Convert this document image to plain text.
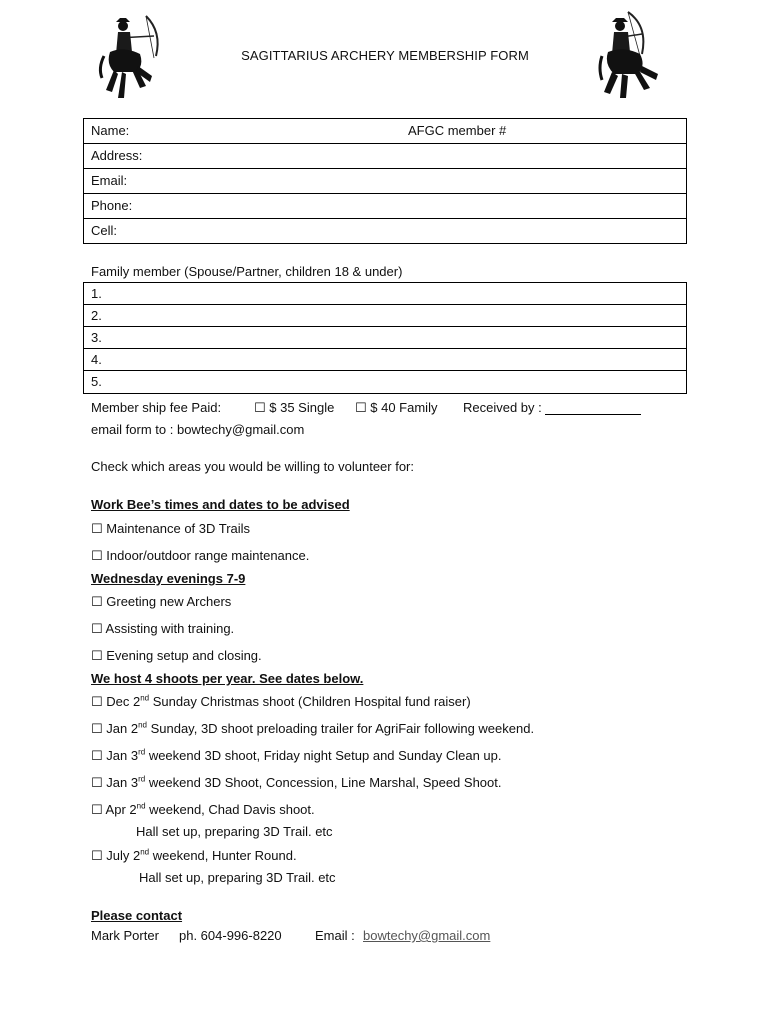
SAGITTARIUS ARCHERY MEMBERSHIP FORM
Name:	AFGC member #
Address:
Email:
Phone:
Cell:
Family member (Spouse/Partner, children 18 & under)
1.
2.
3.
4.
5.
Member ship fee Paid:	☐ $ 35 Single ☐ $ 40 Family Received by :
email form to : bowtechy@gmail.com
Check which areas you would be willing to volunteer for:
Work Bee’s times and dates to be advised
☐ Maintenance of 3D Trails
☐ Indoor/outdoor range maintenance.
Wednesday evenings 7-9
☐ Greeting new Archers
☐ Assisting with training.
☐ Evening setup and closing.
We host 4 shoots per year. See dates below.
☐ Dec 2nd Sunday Christmas shoot (Children Hospital fund raiser)
☐ Jan 2nd Sunday, 3D shoot preloading trailer for AgriFair following weekend.
☐ Jan 3rd weekend 3D shoot, Friday night Setup and Sunday Clean up.
☐ Jan 3rd weekend 3D Shoot, Concession, Line Marshal, Speed Shoot.
☐ Apr 2nd weekend, Chad Davis shoot.
Hall set up, preparing 3D Trail. etc
☐ July 2nd weekend, Hunter Round.
Hall set up, preparing 3D Trail. etc
Please contact
Mark Porter ph. 604-996-8220	Email : bowtechy@gmail.com
